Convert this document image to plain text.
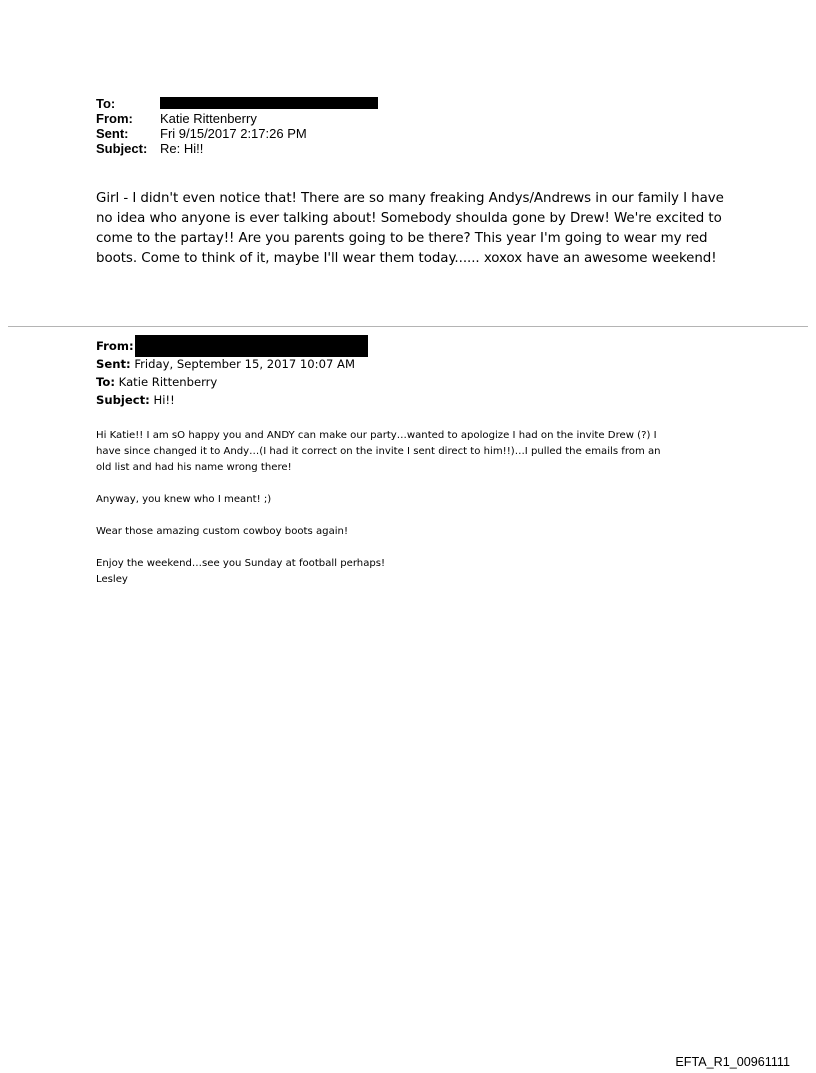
To:
From:	Katie Rittenberry
Sent:	Fri 9/15/2017 2:17:26 PM
Subject: Re: Hi!!

Girl - I didn't even notice that! There are so many freaking Andys/Andrews in our family I have

no idea who anyone is ever talking about! Somebody shoulda gone by Drew! We're excited to

come to the partay!! Are you parents going to be there? This year I'm going to wear my red

boots. Come to think of it, maybe I'll wear them today...... xoxox have an awesome weekend!

From:
Sent: Friday, September 15, 2017 10:07 AM
To: Katie Rittenberry
Subject: Hi!!
Hi Katie!! I am sO happy you and ANDY can make our party…wanted to apologize I had on the invite Drew (?) I
have since changed it to Andy…(I had it correct on the invite I sent direct to him!!)…I pulled the emails from an
old list and had his name wrong there!
Anyway, you knew who I meant! ;)
Wear those amazing custom cowboy boots again!
Enjoy the weekend…see you Sunday at football perhaps!
Lesley
EFTA_R1_00961111
